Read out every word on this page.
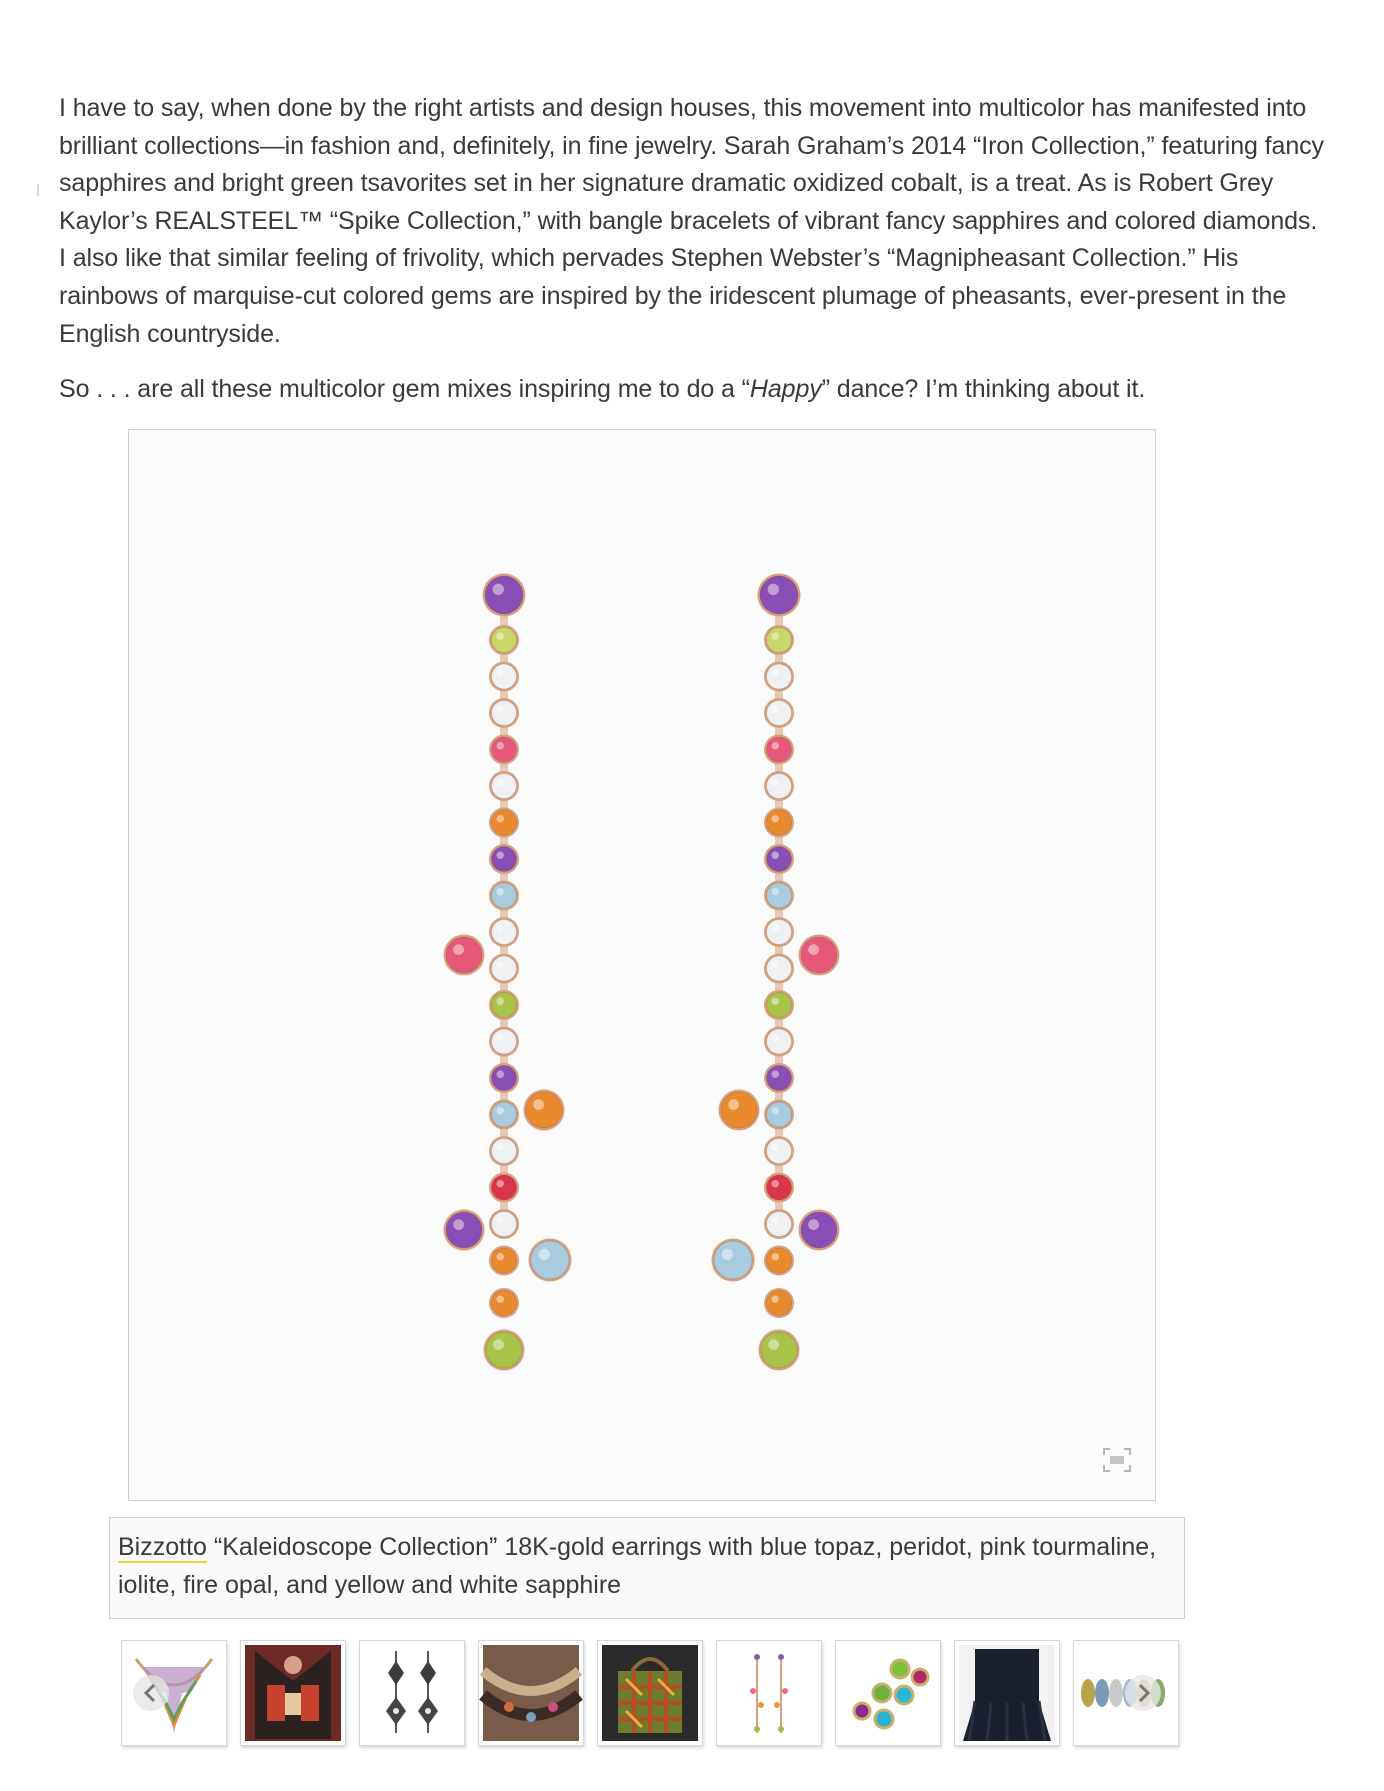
I have to say, when done by the right artists and design houses, this movement into multicolor has manifested into brilliant collections—in fashion and, definitely, in fine jewelry. Sarah Graham’s 2014 “Iron Collection,” featuring fancy sapphires and bright green tsavorites set in her signature dramatic oxidized cobalt, is a treat. As is Robert Grey Kaylor’s REALSTEEL™ “Spike Collection,” with bangle bracelets of vibrant fancy sapphires and colored diamonds. I also like that similar feeling of frivolity, which pervades Stephen Webster’s “Magnipheasant Collection.” His rainbows of marquise-cut colored gems are inspired by the iridescent plumage of pheasants, ever-present in the English countryside.

So . . . are all these multicolor gem mixes inspiring me to do a “Happy” dance? I’m thinking about it.

Bizzotto “Kaleidoscope Collection” 18K-gold earrings with blue topaz, peridot, pink tourmaline, iolite, fire opal, and yellow and white sapphire
